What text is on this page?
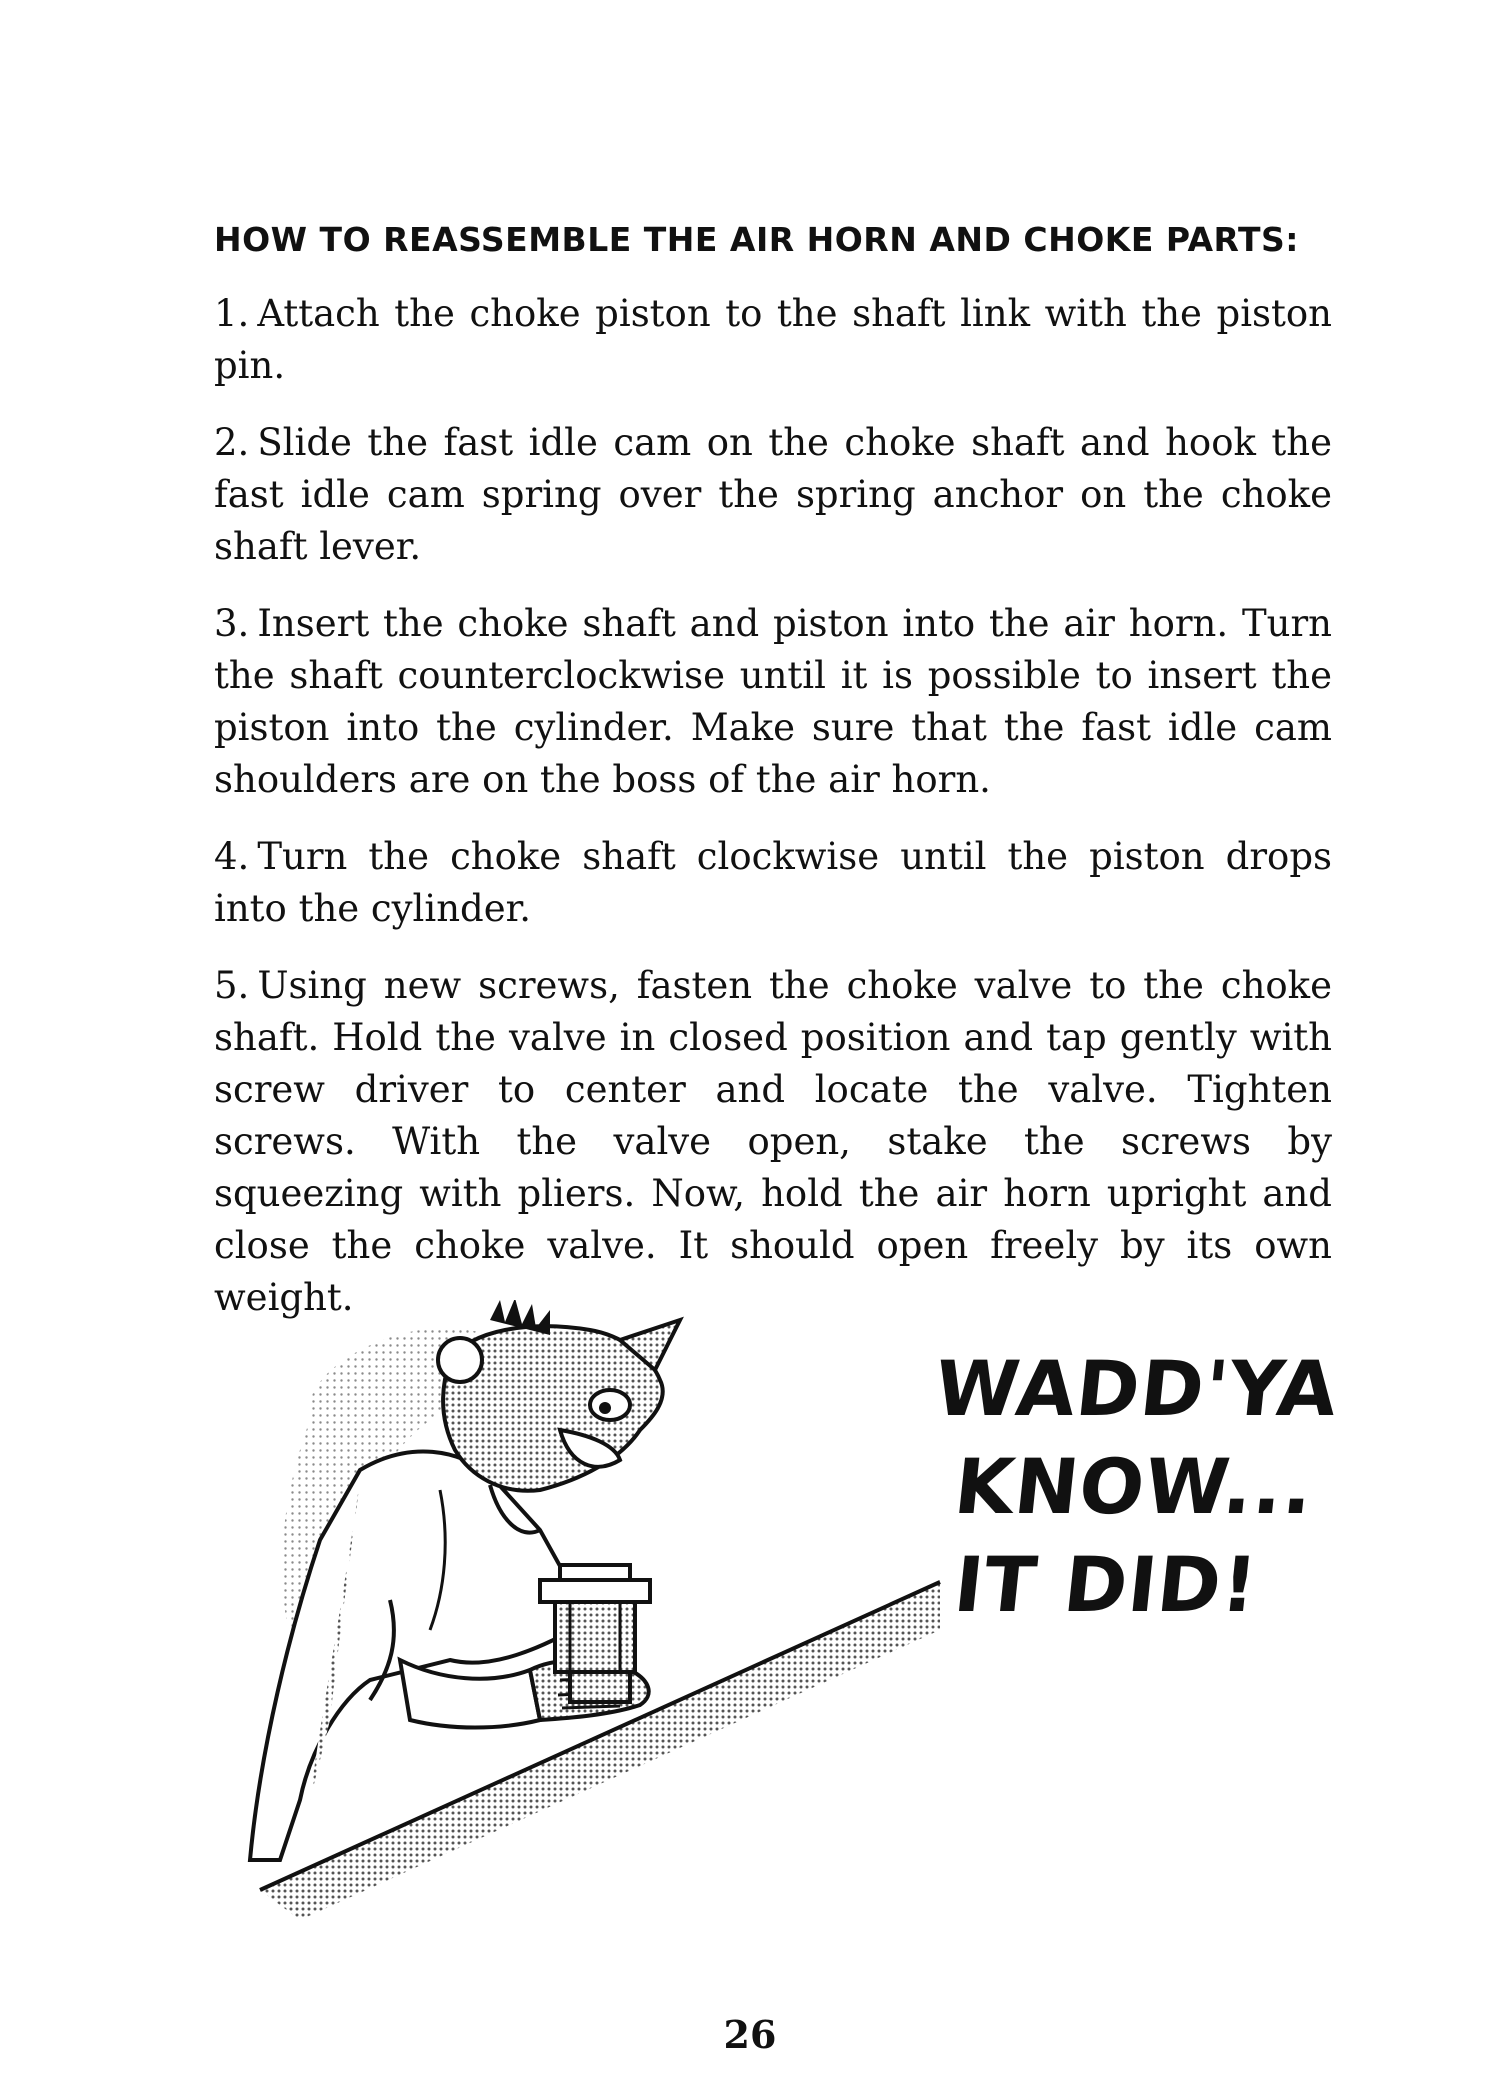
HOW TO REASSEMBLE THE AIR HORN AND CHOKE PARTS:

1. Attach the choke piston to the shaft link with the piston pin.

2. Slide the fast idle cam on the choke shaft and hook the fast idle cam spring over the spring anchor on the choke shaft lever.

3. Insert the choke shaft and piston into the air horn. Turn the shaft counterclockwise until it is possible to insert the piston into the cylinder. Make sure that the fast idle cam shoulders are on the boss of the air horn.

4. Turn the choke shaft clockwise until the piston drops into the cylinder.

5. Using new screws, fasten the choke valve to the choke shaft. Hold the valve in closed position and tap gently with screw driver to center and locate the valve. Tighten screws. With the valve open, stake the screws by squeezing with pliers. Now, hold the air horn upright and close the choke valve. It should open freely by its own weight.

WADD'YA
KNOW...
IT DID!
26
